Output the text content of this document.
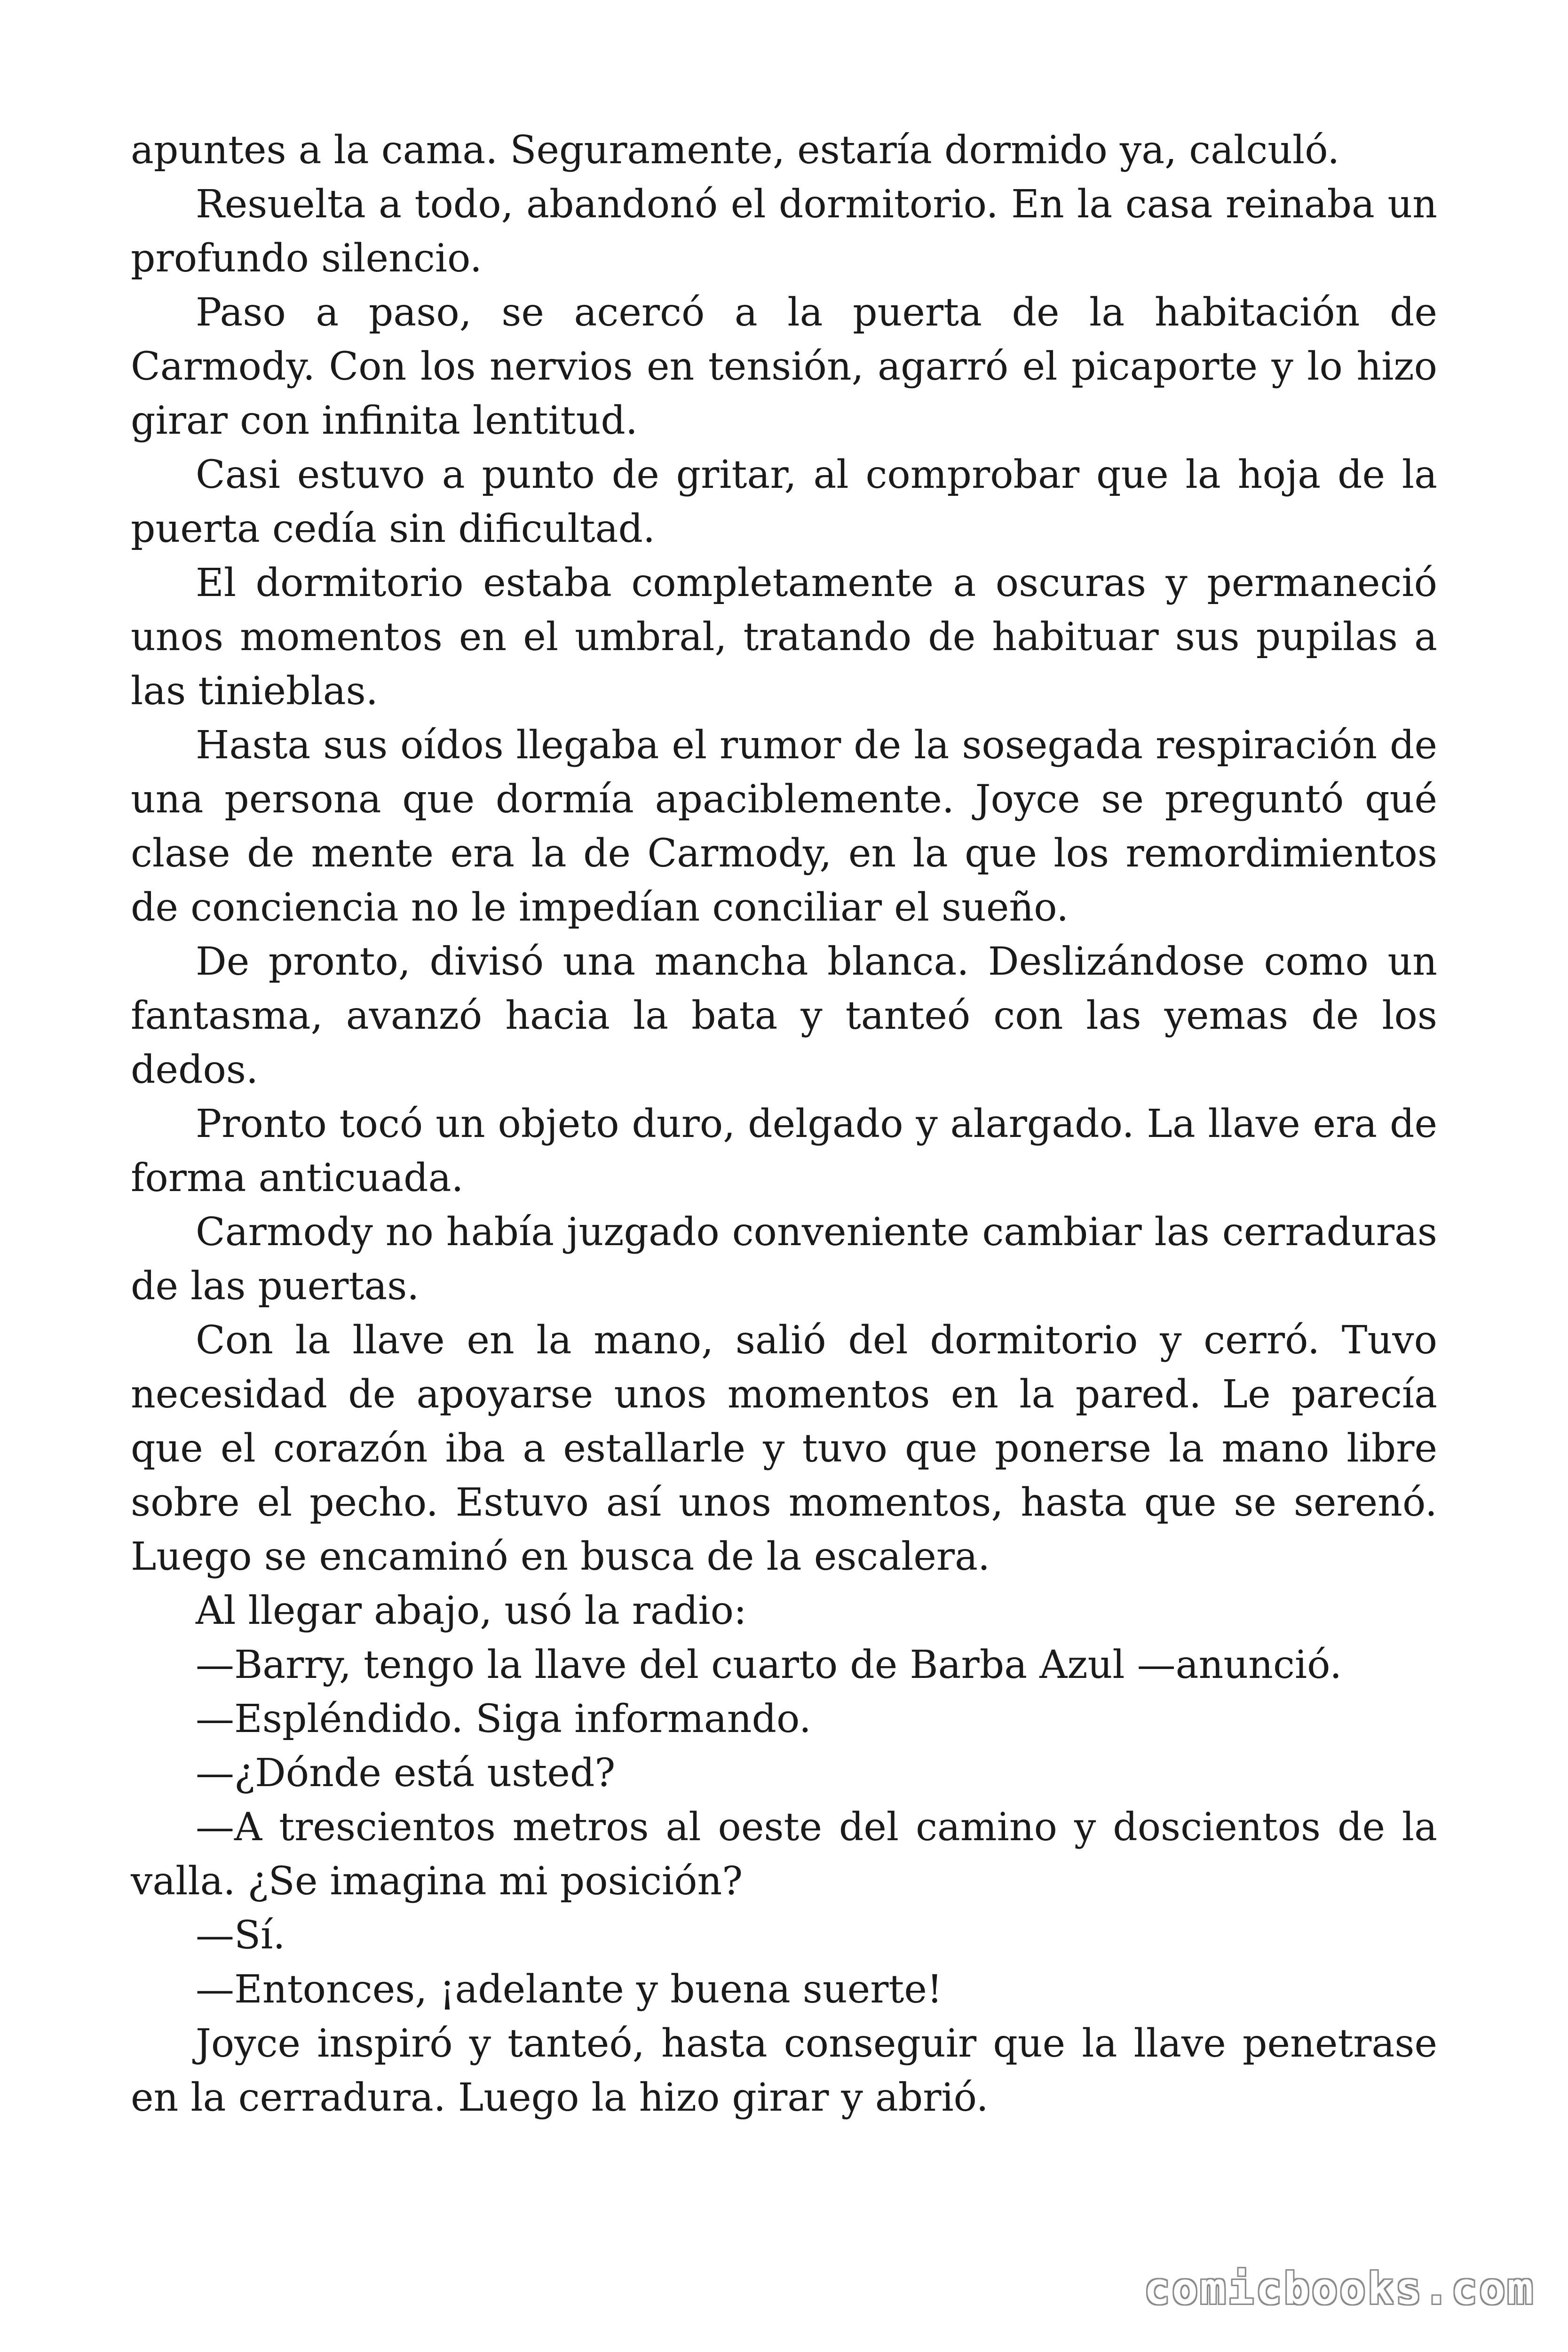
apuntes a la cama. Seguramente, estaría dormido ya, calculó.

Resuelta a todo, abandonó el dormitorio. En la casa reinaba un profundo silencio.

Paso a paso, se acercó a la puerta de la habitación de Carmody. Con los nervios en tensión, agarró el picaporte y lo hizo girar con infinita lentitud.

Casi estuvo a punto de gritar, al comprobar que la hoja de la puerta cedía sin dificultad.

El dormitorio estaba completamente a oscuras y permaneció unos momentos en el umbral, tratando de habituar sus pupilas a las tinieblas.

Hasta sus oídos llegaba el rumor de la sosegada respiración de una persona que dormía apaciblemente. Joyce se preguntó qué clase de mente era la de Carmody, en la que los remordimientos de conciencia no le impedían conciliar el sueño.

De pronto, divisó una mancha blanca. Deslizándose como un fantasma, avanzó hacia la bata y tanteó con las yemas de los dedos.

Pronto tocó un objeto duro, delgado y alargado. La llave era de forma anticuada.

Carmody no había juzgado conveniente cambiar las cerraduras de las puertas.

Con la llave en la mano, salió del dormitorio y cerró. Tuvo necesidad de apoyarse unos momentos en la pared. Le parecía que el corazón iba a estallarle y tuvo que ponerse la mano libre sobre el pecho. Estuvo así unos momentos, hasta que se serenó. Luego se encaminó en busca de la escalera.

Al llegar abajo, usó la radio:

—Barry, tengo la llave del cuarto de Barba Azul —anunció.

—Espléndido. Siga informando.

—¿Dónde está usted?

—A trescientos metros al oeste del camino y doscientos de la valla. ¿Se imagina mi posición?

—Sí.

—Entonces, ¡adelante y buena suerte!

Joyce inspiró y tanteó, hasta conseguir que la llave penetrase en la cerradura. Luego la hizo girar y abrió.

comicbooks.com
